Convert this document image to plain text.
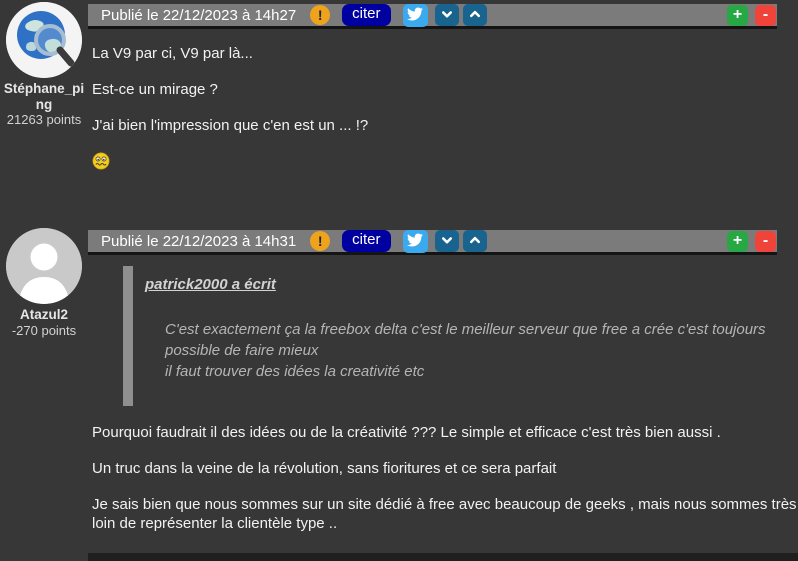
Stéphane_ping
21263 points
Publié le 22/12/2023 à 14h27	!	citer	+	-

La V9 par ci, V9 par là...

Est-ce un mirage ?

J'ai bien l'impression que c'en est un ... !?

Atazul2
-270 points
Publié le 22/12/2023 à 14h31	!	citer	+	-
patrick2000 a écrit
C'est exactement ça la freebox delta c'est le meilleur serveur que free a crée c'est toujours possible de faire mieux
il faut trouver des idées la creativité etc

Pourquoi faudrait il des idées ou de la créativité ??? Le simple et efficace c'est très bien aussi .

Un truc dans la veine de la révolution, sans fioritures et ce sera parfait

Je sais bien que nous sommes sur un site dédié à free avec beaucoup de geeks , mais nous sommes très loin de représenter la clientèle type ..
